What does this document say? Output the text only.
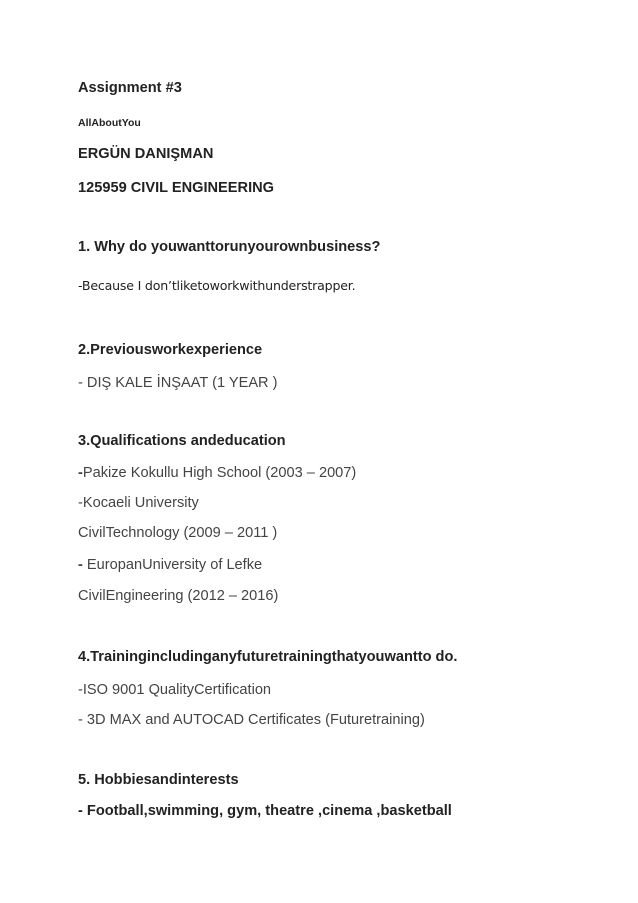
Assignment #3
AllAboutYou
ERGÜN DANIŞMAN
125959 CIVIL ENGINEERING
1. Why do youwanttorunyourownbusiness?
-Because I don’tliketoworkwithunderstrapper.
2.Previousworkexperience
- DIŞ KALE İNŞAAT (1 YEAR )
3.Qualifications andeducation
-Pakize Kokullu High School (2003 – 2007)
-Kocaeli University
CivilTechnology (2009 – 2011 )
- EuropanUniversity of Lefke
CivilEngineering (2012 – 2016)
4.Trainingincludinganyfuturetrainingthatyouwantto do.
-ISO 9001 QualityCertification
- 3D MAX and AUTOCAD Certificates (Futuretraining)
5. Hobbiesandinterests
- Football,swimming, gym, theatre ,cinema ,basketball
